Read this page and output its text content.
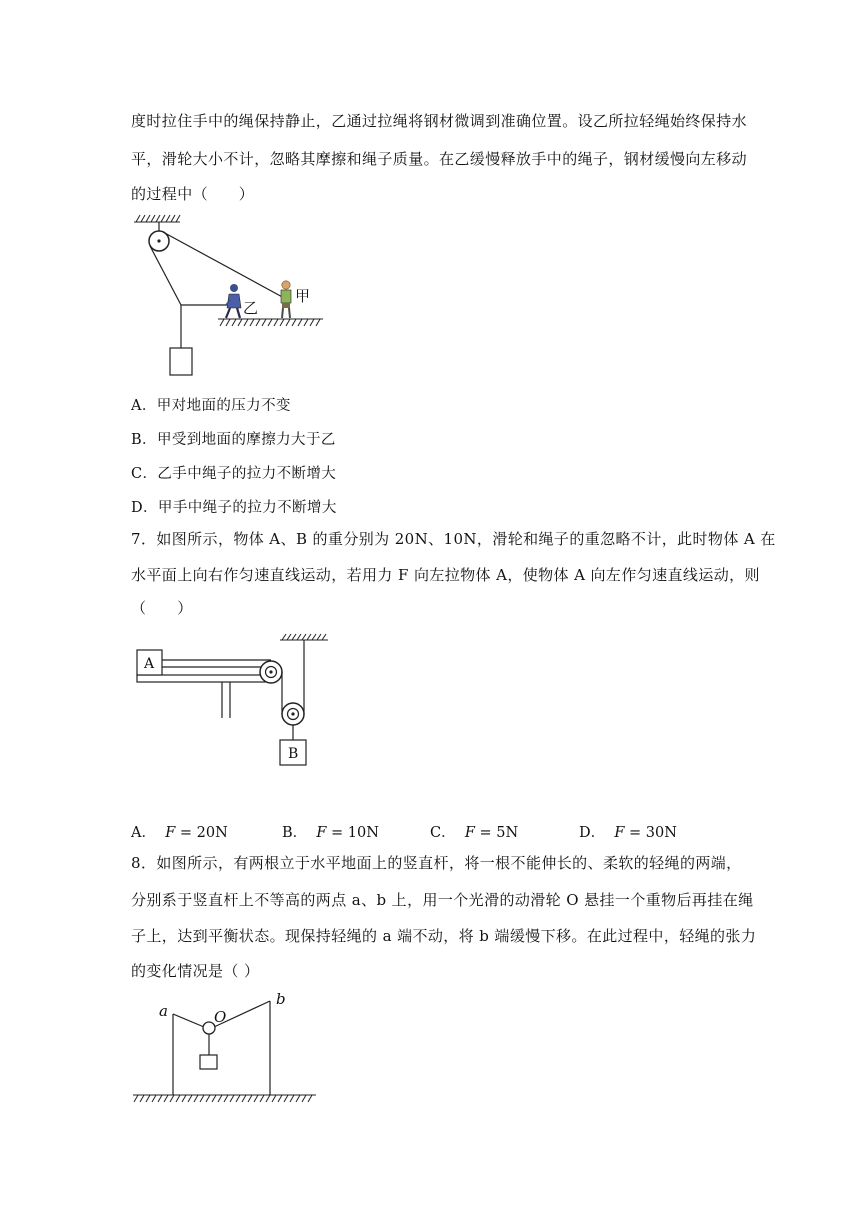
度时拉住手中的绳保持静止，乙通过拉绳将钢材微调到准确位置。设乙所拉轻绳始终保持水
平，滑轮大小不计，忽略其摩擦和绳子质量。在乙缓慢释放手中的绳子，钢材缓慢向左移动
的过程中（　　）
乙
甲
A．甲对地面的压力不变
B．甲受到地面的摩擦力大于乙
C．乙手中绳子的拉力不断增大
D．甲手中绳子的拉力不断增大
7．如图所示，物体 A、B 的重分别为 20N、10N，滑轮和绳子的重忽略不计，此时物体 A 在
水平面上向右作匀速直线运动，若用力 F 向左拉物体 A，使物体 A 向左作匀速直线运动，则
（　　）
A
B
A． F = 20N	B． F = 10N	C． F = 5N	D． F = 30N
8．如图所示，有两根立于水平地面上的竖直杆，将一根不能伸长的、柔软的轻绳的两端，
分别系于竖直杆上不等高的两点 a、b 上，用一个光滑的动滑轮 O 悬挂一个重物后再挂在绳
子上，达到平衡状态。现保持轻绳的 a 端不动，将 b 端缓慢下移。在此过程中，轻绳的张力
的变化情况是（ ）
a
b
O
